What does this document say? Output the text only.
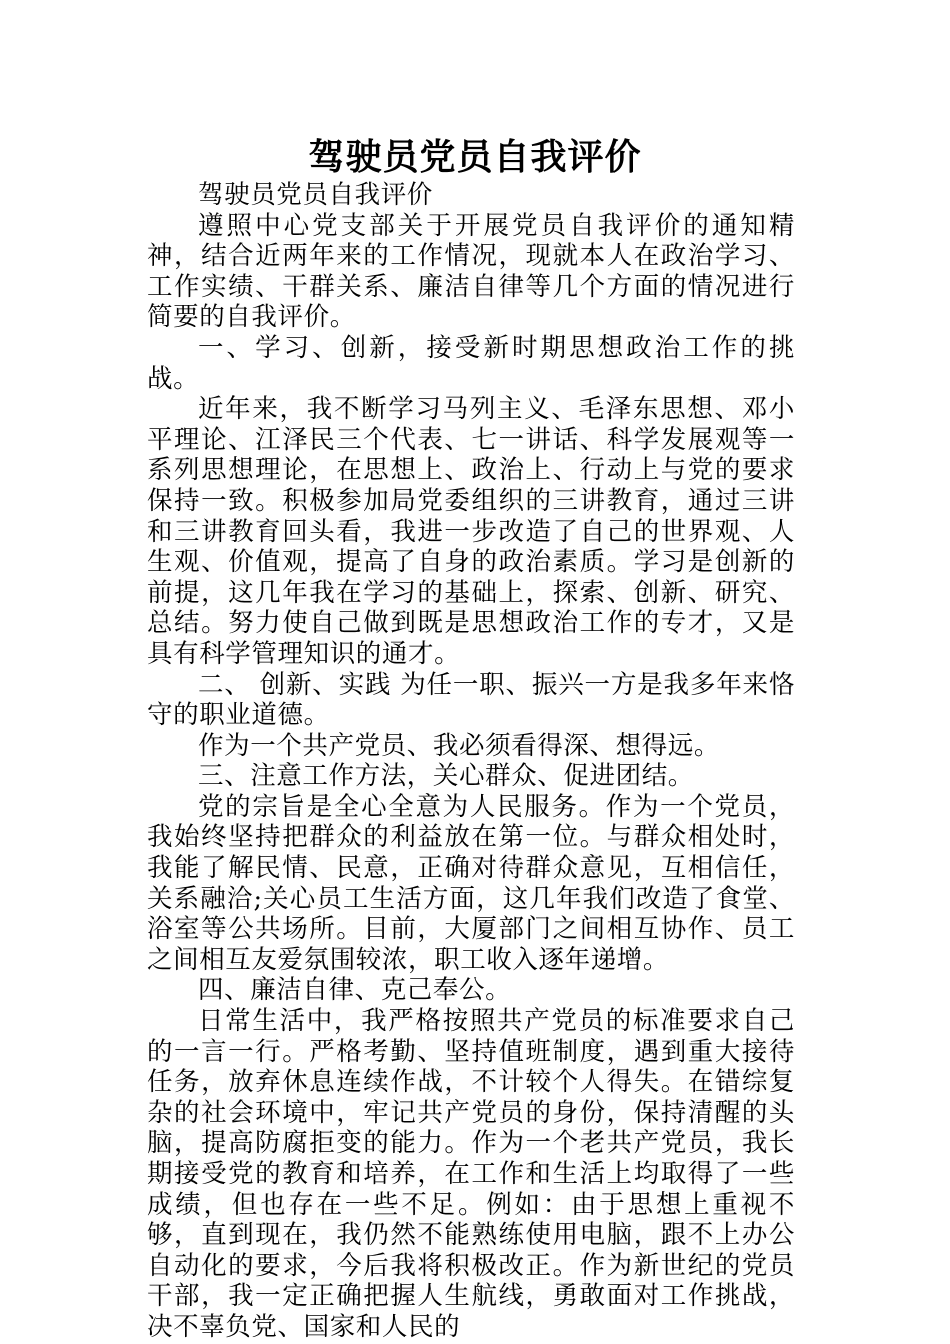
驾驶员党员自我评价

驾驶员党员自我评价

遵照中心党支部关于开展党员自我评价的通知精神，结合近两年来的工作情况，现就本人在政治学习、工作实绩、干群关系、廉洁自律等几个方面的情况进行简要的自我评价。

一、学习、创新，接受新时期思想政治工作的挑战。

近年来，我不断学习马列主义、毛泽东思想、邓小平理论、江泽民三个代表、七一讲话、科学发展观等一系列思想理论，在思想上、政治上、行动上与党的要求保持一致。积极参加局党委组织的三讲教育，通过三讲和三讲教育回头看，我进一步改造了自己的世界观、人生观、价值观，提高了自身的政治素质。学习是创新的前提，这几年我在学习的基础上，探索、创新、研究、总结。努力使自己做到既是思想政治工作的专才，又是具有科学管理知识的通才。

二、 创新、实践 为任一职、振兴一方是我多年来恪守的职业道德。

作为一个共产党员、我必须看得深、想得远。

三、注意工作方法，关心群众、促进团结。

党的宗旨是全心全意为人民服务。作为一个党员，我始终坚持把群众的利益放在第一位。与群众相处时，我能了解民情、民意，正确对待群众意见，互相信任，关系融洽;关心员工生活方面，这几年我们改造了食堂、浴室等公共场所。目前，大厦部门之间相互协作、员工之间相互友爱氛围较浓，职工收入逐年递增。

四、廉洁自律、克己奉公。

日常生活中，我严格按照共产党员的标准要求自己的一言一行。严格考勤、坚持值班制度，遇到重大接待任务，放弃休息连续作战，不计较个人得失。在错综复杂的社会环境中，牢记共产党员的身份，保持清醒的头脑，提高防腐拒变的能力。作为一个老共产党员，我长期接受党的教育和培养，在工作和生活上均取得了一些成绩，但也存在一些不足。例如：由于思想上重视不够，直到现在，我仍然不能熟练使用电脑，跟不上办公自动化的要求，今后我将积极改正。作为新世纪的党员干部，我一定正确把握人生航线，勇敢面对工作挑战，决不辜负党、国家和人民的
